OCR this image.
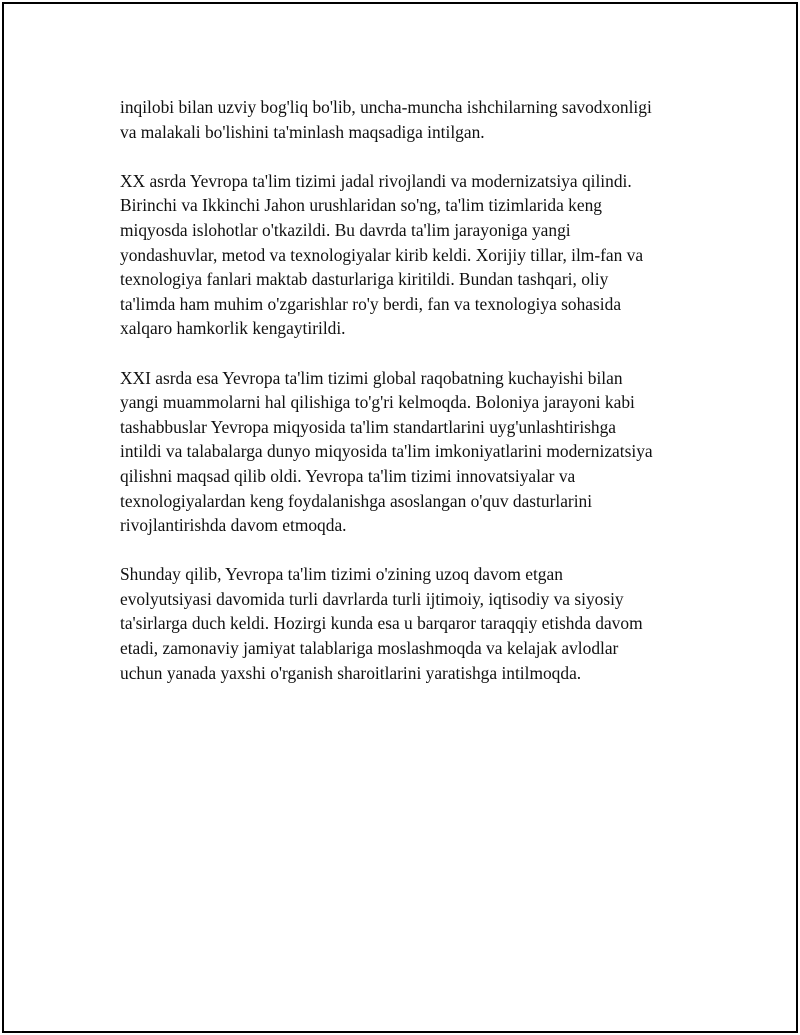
inqilobi bilan uzviy bog'liq bo'lib, uncha-muncha ishchilarning savodxonligi
va malakali bo'lishini ta'minlash maqsadiga intilgan.

XX asrda Yevropa ta'lim tizimi jadal rivojlandi va modernizatsiya qilindi.
Birinchi va Ikkinchi Jahon urushlaridan so'ng, ta'lim tizimlarida keng
miqyosda islohotlar o'tkazildi. Bu davrda ta'lim jarayoniga yangi
yondashuvlar, metod va texnologiyalar kirib keldi. Xorijiy tillar, ilm-fan va
texnologiya fanlari maktab dasturlariga kiritildi. Bundan tashqari, oliy
ta'limda ham muhim o'zgarishlar ro'y berdi, fan va texnologiya sohasida
xalqaro hamkorlik kengaytirildi.

XXI asrda esa Yevropa ta'lim tizimi global raqobatning kuchayishi bilan
yangi muammolarni hal qilishiga to'g'ri kelmoqda. Boloniya jarayoni kabi
tashabbuslar Yevropa miqyosida ta'lim standartlarini uyg'unlashtirishga
intildi va talabalarga dunyo miqyosida ta'lim imkoniyatlarini modernizatsiya
qilishni maqsad qilib oldi. Yevropa ta'lim tizimi innovatsiyalar va
texnologiyalardan keng foydalanishga asoslangan o'quv dasturlarini
rivojlantirishda davom etmoqda.

Shunday qilib, Yevropa ta'lim tizimi o'zining uzoq davom etgan
evolyutsiyasi davomida turli davrlarda turli ijtimoiy, iqtisodiy va siyosiy
ta'sirlarga duch keldi. Hozirgi kunda esa u barqaror taraqqiy etishda davom
etadi, zamonaviy jamiyat talablariga moslashmoqda va kelajak avlodlar
uchun yanada yaxshi o'rganish sharoitlarini yaratishga intilmoqda.
